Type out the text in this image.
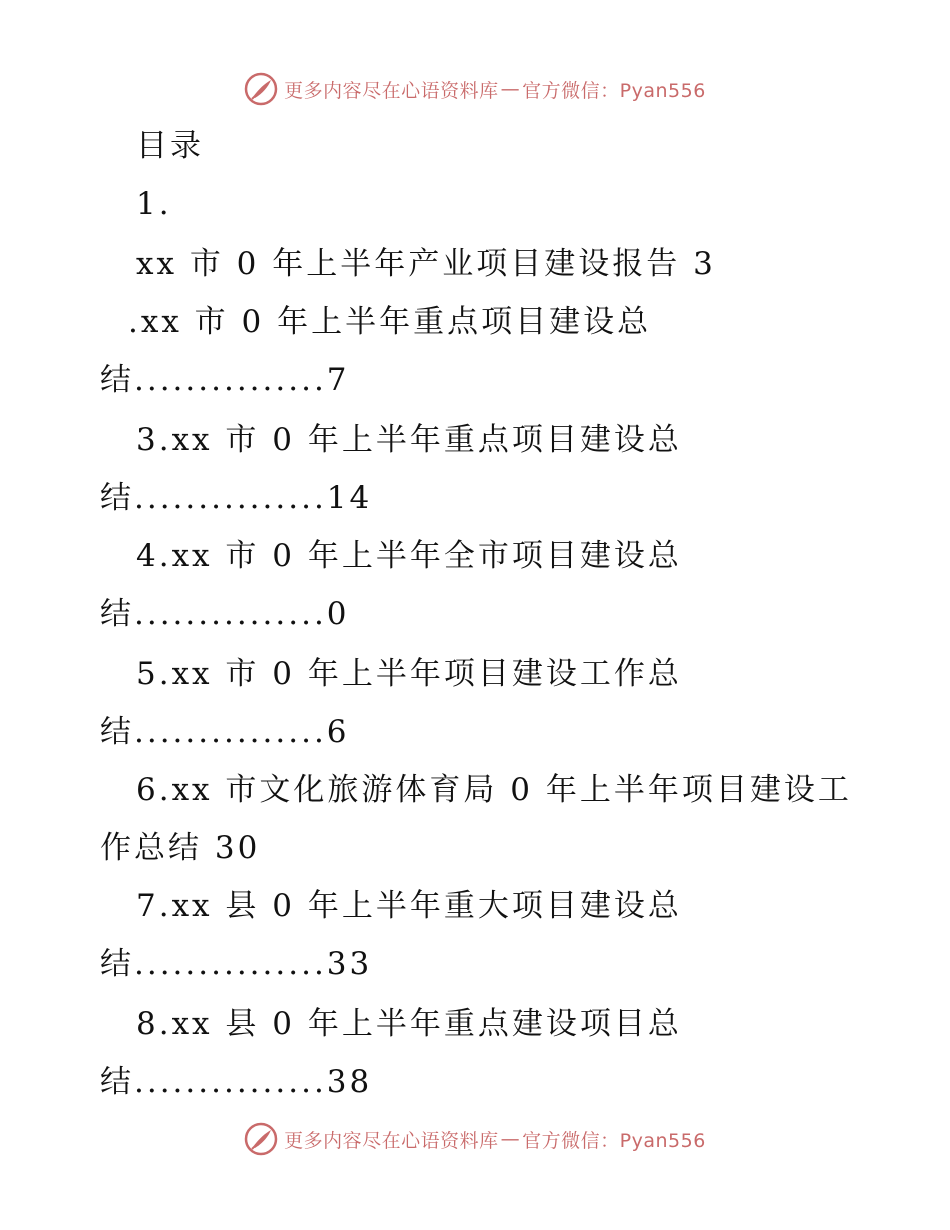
更多内容尽在心语资料库 — 官方微信：Pyan556
目录
1.
xx 市 0 年上半年产业项目建设报告 3
.xx 市 0 年上半年重点项目建设总
结...............7
3.xx 市 0 年上半年重点项目建设总
结...............14
4.xx 市 0 年上半年全市项目建设总
结...............0
5.xx 市 0 年上半年项目建设工作总
结...............6
6.xx 市文化旅游体育局 0 年上半年项目建设工
作总结 30
7.xx 县 0 年上半年重大项目建设总
结...............33
8.xx 县 0 年上半年重点建设项目总
结...............38
更多内容尽在心语资料库 — 官方微信：Pyan556
